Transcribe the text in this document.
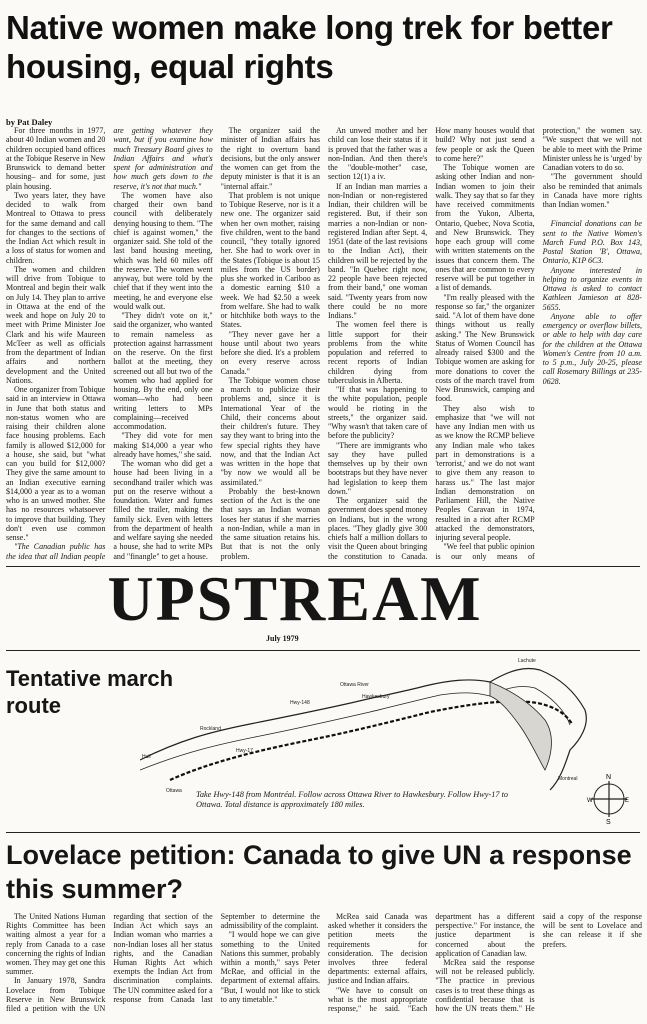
Native women make long trek for better housing, equal rights

by Pat Daley

For three months in 1977, about 40 Indian women and 20 children occupied band offices at the Tobique Reserve in New Brunswick to demand better housing– and for some, just plain housing.

Two years later, they have decided to walk from Montreal to Ottawa to press for the same demand and call for changes to the sections of the Indian Act which result in a loss of status for women and children.

The women and children will drive from Tobique to Montreal and begin their walk on July 14. They plan to arrive in Ottawa at the end of the week and hope on July 20 to meet with Prime Minister Joe Clark and his wife Maureen McTeer as well as officials from the department of Indian affairs and northern development and the United Nations.

One organizer from Tobique said in an interview in Ottawa in June that both status and non-status women who are raising their children alone face housing problems. Each family is allowed $12,000 for a house, she said, but "what can you build for $12,000? They give the same amount to an Indian executive earning $14,000 a year as to a woman who is an unwed mother. She has no resources whatsoever to improve that building. They don't even use common sense."

"The Canadian public has the idea that all Indian people are getting whatever they want, but if you examine how much Treasury Board gives to Indian Affairs and what's spent for administration and how much gets down to the reserve, it's not that much."

The women have also charged their own band council with deliberately denying housing to them. "The chief is against women," the organizer said. She told of the last band housing meeting, which was held 60 miles off the reserve. The women went anyway, but were told by the chief that if they went into the meeting, he and everyone else would walk out.

"They didn't vote on it," said the organizer, who wanted to remain nameless as protection against harrassment on the reserve. On the first ballot at the meeting, they screened out all but two of the women who had applied for housing. By the end, only one woman—who had been writing letters to MPs complaining—received accommodation.

"They did vote for men making $14,000 a year who already have homes," she said.

The woman who did get a house had been living in a secondhand trailer which was put on the reserve without a foundation. Water and fumes filled the trailer, making the family sick. Even with letters from the department of health and welfare saying she needed a house, she had to write MPs and "finangle" to get a house.

The organizer said the minister of Indian affairs has the right to overturn band decisions, but the only answer the women can get from the deputy minister is that it is an "internal affair."

That problem is not unique to Tobique Reserve, nor is it a new one. The organizer said when her own mother, raising five children, went to the band council, "they totally ignored her. She had to work over in the States (Tobique is about 15 miles from the US border) plus she worked in Cariboo as a domestic earning $10 a week. We had $2.50 a week from welfare. She had to walk or hitchhike both ways to the States.

"They never gave her a house until about two years before she died. It's a problem on every reserve across Canada."

The Tobique women chose a march to publicize their problems and, since it is International Year of the Child, their concerns about their children's future. They say they want to bring into the few special rights they have now, and that the Indian Act was written in the hope that "by now we would all be assimilated."

Probably the best-known section of the Act is the one that says an Indian woman loses her status if she marries a non-Indian, while a man in the same situation retains his. But that is not the only problem.

An unwed mother and her child can lose their status if it is proved that the father was a non-Indian. And then there's the "double-mother" case, section 12(1) a iv.

If an Indian man marries a non-Indian or non-registered Indian, their children will be registered. But, if their son marries a non-Indian or non-registered Indian after Sept. 4, 1951 (date of the last revisions to the Indian Act), their children will be rejected by the band. "In Quebec right now, 22 people have been rejected from their band," one woman said. "Twenty years from now there could be no more Indians."

The women feel there is little support for their problems from the white population and referred to recent reports of Indian children dying from tuberculosis in Alberta.

"If that was happening to the white population, people would be rioting in the streets," the organizer said. "Why wasn't that taken care of before the publicity?

"There are immigrants who say they have pulled themselves up by their own bootstraps but they have never had legislation to keep them down."

The organizer said the government does spend money on Indians, but in the wrong places. "They gladly give 300 chiefs half a million dollars to visit the Queen about bringing the constitution to Canada. How many houses would that build? Why not just send a few people or ask the Queen to come here?"

The Tobique women are asking other Indian and non-Indian women to join their walk. They say that so far they have received commitments from the Yukon, Alberta, Ontario, Quebec, Nova Scotia, and New Brunswick. They hope each group will come with written statements on the issues that concern them. The ones that are common to every reserve will be put together in a list of demands.

"I'm really pleased with the response so far," the organizer said. "A lot of them have done things without us really asking." The New Brunswick Status of Women Council has already raised $300 and the Tobique women are asking for more donations to cover the costs of the march travel from New Brunswick, camping and food.

They also wish to emphasize that "we will not have any Indian men with us as we know the RCMP believe any Indian male who takes part in demonstrations is a 'terrorist,' and we do not want to give them any reason to harass us." The last major Indian demonstration on Parliament Hill, the Native Peoples Caravan in 1974, resulted in a riot after RCMP attacked the demonstrators, injuring several people.

"We feel that public opinion is our only means of protection," the women say. "We suspect that we will not be able to meet with the Prime Minister unless he is 'urged' by Canadian voters to do so.

"The government should also be reminded that animals in Canada have more rights than Indian women."

Financial donations can be sent to the Native Women's March Fund P.O. Box 143, Postal Station 'B', Ottawa, Ontario, K1P 6C3.

Anyone interested in helping to organize events in Ottawa is asked to contact Kathleen Jamieson at 828-5655.

Anyone able to offer emergency or overflow billets, or able to help with day care for the children at the Ottawa Women's Centre from 10 a.m. to 5 p.m., July 20-25, please call Rosemary Billings at 235-0628.

UPSTREAM

July 1979

Tentative march route
Lachute
Ottawa River
Hawkesbury
Hwy-148
Hwy-17
Rockland
Hull
Ottawa
Montreal

Take Hwy-148 from Montréal. Follow across Ottawa River to Hawkesbury. Follow Hwy-17 to Ottawa. Total distance is approximately 180 miles.

N
S
W	E
Lovelace petition: Canada to give UN a response this summer?

The United Nations Human Rights Committee has been waiting almost a year for a reply from Canada to a case concerning the rights of Indian women. They may get one this summer.

In January 1978, Sandra Lovelace from Tobique Reserve in New Brunswick filed a petition with the UN regarding that section of the Indian Act which says an Indian woman who marries a non-Indian loses all her status rights, and the Canadian Human Rights Act which exempts the Indian Act from discrimination complaints. The UN committee asked for a response from Canada last September to determine the admissibility of the complaint.

"I would hope we can give something to the United Nations this summer, probably within a month," says Peter McRae, and official in the department of external affairs. "But, I would not like to stick to any timetable."

McRea said Canada was asked whether it considers the petition meets the requirements for consideration. The decision involves three federal departments: external affairs, justice and Indian affairs.

"We have to consult on what is the most appropriate response," he said. "Each department has a different perspective." For instance, the justice department is concerned about the application of Canadian law.

McRea said the response will not be released publicly. "The practice in previous cases is to treat these things as confidential because that is how the UN treats them." He said a copy of the response will be sent to Lovelace and she can release it if she prefers.
